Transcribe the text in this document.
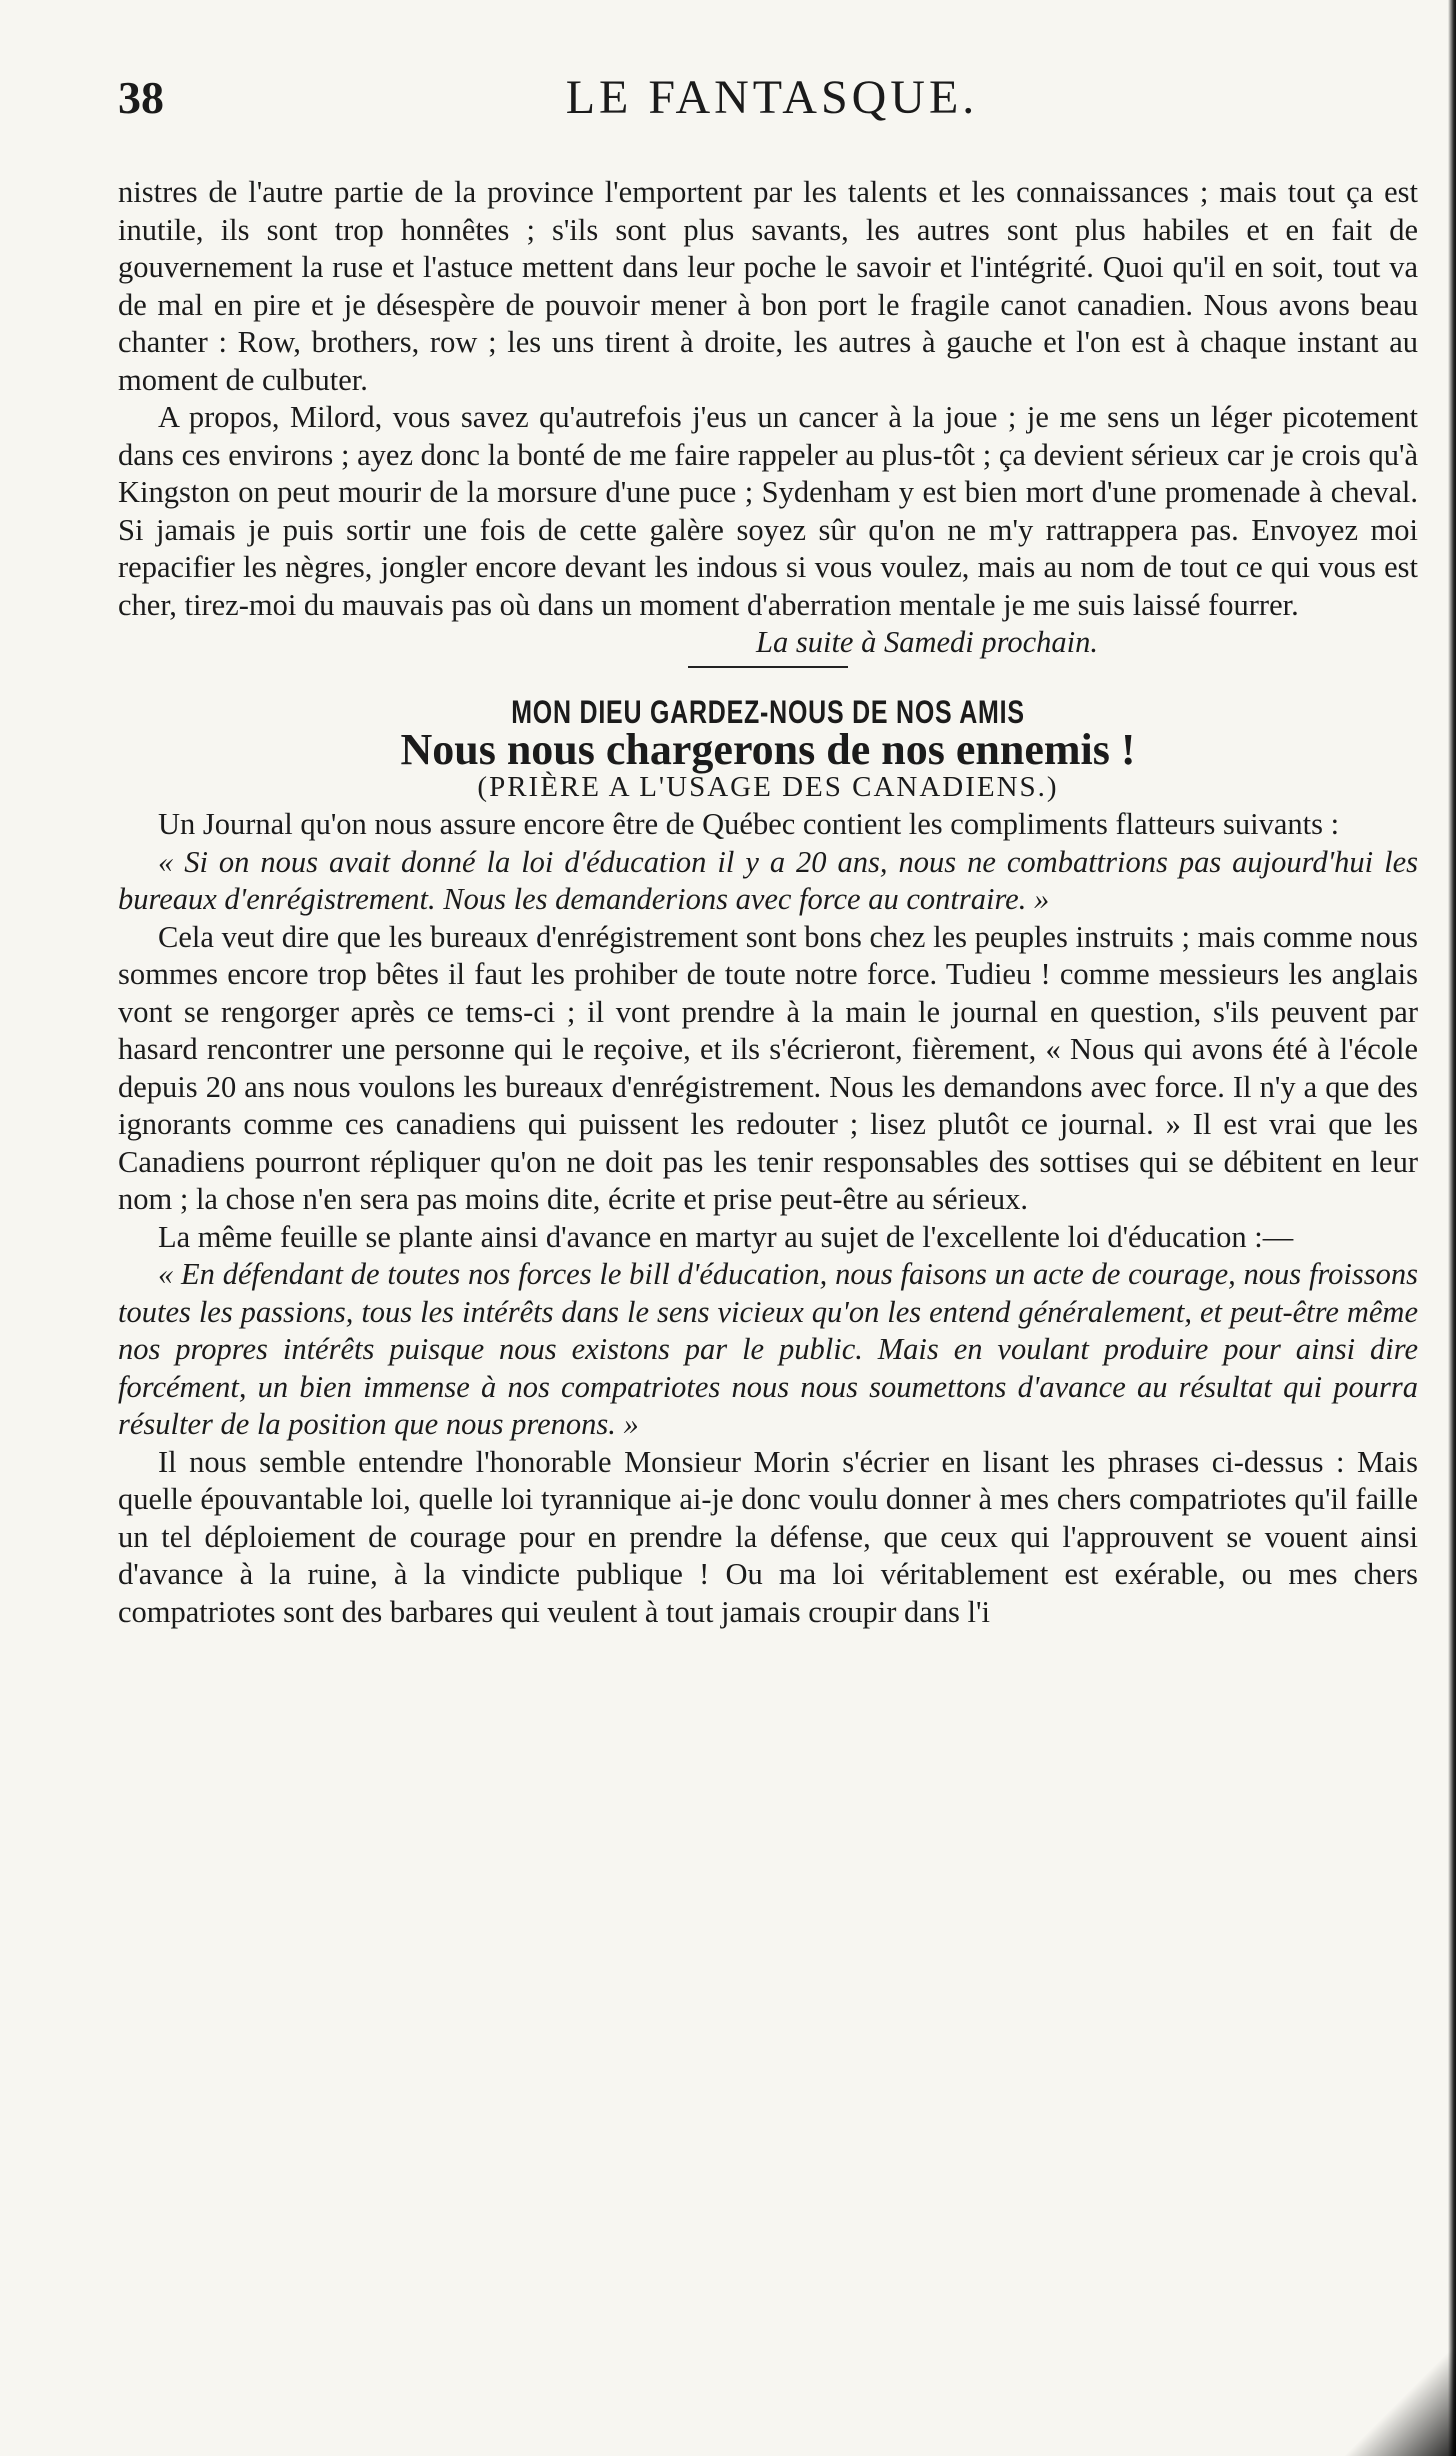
38	LE FANTASQUE.

nistres de l'autre partie de la province l'emportent par les talents et les connaissances ; mais tout ça est inutile, ils sont trop honnêtes ; s'ils sont plus savants, les autres sont plus habiles et en fait de gouvernement la ruse et l'astuce mettent dans leur poche le savoir et l'intégrité. Quoi qu'il en soit, tout va de mal en pire et je désespère de pouvoir mener à bon port le fragile canot canadien. Nous avons beau chanter : Row, brothers, row ; les uns tirent à droite, les autres à gauche et l'on est à chaque instant au moment de culbuter.

A propos, Milord, vous savez qu'autrefois j'eus un cancer à la joue ; je me sens un léger picotement dans ces environs ; ayez donc la bonté de me faire rappeler au plus-tôt ; ça devient sérieux car je crois qu'à Kingston on peut mourir de la morsure d'une puce ; Sydenham y est bien mort d'une promenade à cheval. Si jamais je puis sortir une fois de cette galère soyez sûr qu'on ne m'y rattrappera pas. Envoyez moi repacifier les nègres, jongler encore devant les indous si vous voulez, mais au nom de tout ce qui vous est cher, tirez-moi du mauvais pas où dans un moment d'aberration mentale je me suis laissé fourrer.

La suite à Samedi prochain.

MON DIEU GARDEZ-NOUS DE NOS AMIS

Nous nous chargerons de nos ennemis !

(PRIÈRE A L'USAGE DES CANADIENS.)

Un Journal qu'on nous assure encore être de Québec contient les compliments flatteurs suivants :

« Si on nous avait donné la loi d'éducation il y a 20 ans, nous ne combattrions pas aujourd'hui les bureaux d'enrégistrement. Nous les demanderions avec force au contraire. »

Cela veut dire que les bureaux d'enrégistrement sont bons chez les peuples instruits ; mais comme nous sommes encore trop bêtes il faut les prohiber de toute notre force. Tudieu ! comme messieurs les anglais vont se rengorger après ce tems-ci ; il vont prendre à la main le journal en question, s'ils peuvent par hasard rencontrer une personne qui le reçoive, et ils s'écrieront, fièrement, « Nous qui avons été à l'école depuis 20 ans nous voulons les bureaux d'enrégistrement. Nous les demandons avec force. Il n'y a que des ignorants comme ces canadiens qui puissent les redouter ; lisez plutôt ce journal. » Il est vrai que les Canadiens pourront répliquer qu'on ne doit pas les tenir responsables des sottises qui se débitent en leur nom ; la chose n'en sera pas moins dite, écrite et prise peut-être au sérieux.

La même feuille se plante ainsi d'avance en martyr au sujet de l'excellente loi d'éducation :—

« En défendant de toutes nos forces le bill d'éducation, nous faisons un acte de courage, nous froissons toutes les passions, tous les intérêts dans le sens vicieux qu'on les entend généralement, et peut-être même nos propres intérêts puisque nous existons par le public. Mais en voulant produire pour ainsi dire forcément, un bien immense à nos compatriotes nous nous soumettons d'avance au résultat qui pourra résulter de la position que nous prenons. »

Il nous semble entendre l'honorable Monsieur Morin s'écrier en lisant les phrases ci-dessus : Mais quelle épouvantable loi, quelle loi tyrannique ai-je donc voulu donner à mes chers compatriotes qu'il faille un tel déploiement de courage pour en prendre la défense, que ceux qui l'approuvent se vouent ainsi d'avance à la ruine, à la vindicte publique ! Ou ma loi véritablement est exérable, ou mes chers compatriotes sont des barbares qui veulent à tout jamais croupir dans l'i
